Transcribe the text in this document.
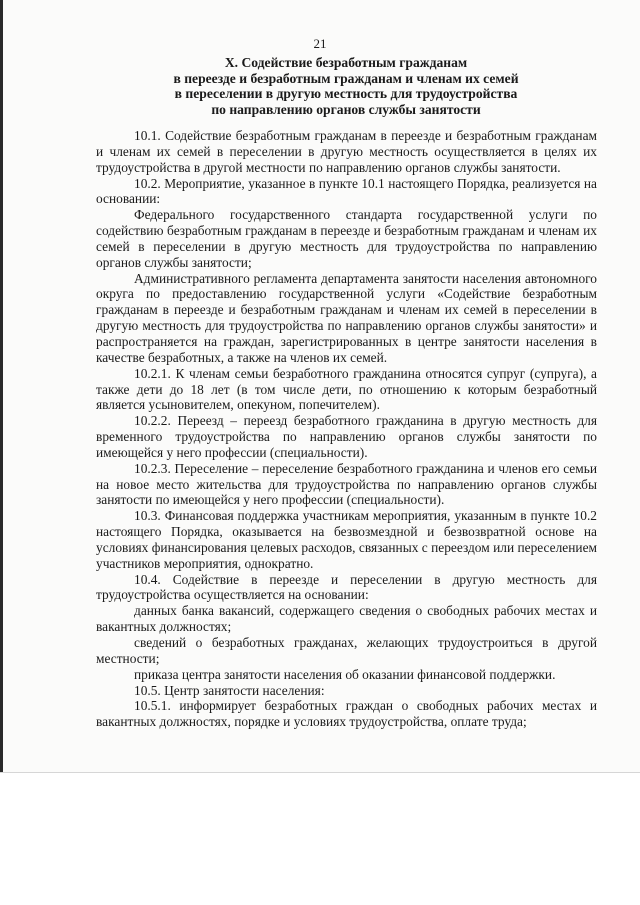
21
X. Содействие безработным гражданам
в переезде и безработным гражданам и членам их семей
в переселении в другую местность для трудоустройства
по направлению органов службы занятости

10.1. Содействие безработным гражданам в переезде и безработным гражданам и членам их семей в переселении в другую местность осуществляется в целях их трудоустройства в другой местности по направлению органов службы занятости.

10.2. Мероприятие, указанное в пункте 10.1 настоящего Порядка, реализуется на основании:

Федерального государственного стандарта государственной услуги по содействию безработным гражданам в переезде и безработным гражданам и членам их семей в переселении в другую местность для трудоустройства по направлению органов службы занятости;

Административного регламента департамента занятости населения автономного округа по предоставлению государственной услуги «Содействие безработным гражданам в переезде и безработным гражданам и членам их семей в переселении в другую местность для трудоустройства по направлению органов службы занятости» и распространяется на граждан, зарегистрированных в центре занятости населения в качестве безработных, а также на членов их семей.

10.2.1. К членам семьи безработного гражданина относятся супруг (супруга), а также дети до 18 лет (в том числе дети, по отношению к которым безработный является усыновителем, опекуном, попечителем).

10.2.2. Переезд – переезд безработного гражданина в другую местность для временного трудоустройства по направлению органов службы занятости по имеющейся у него профессии (специальности).

10.2.3. Переселение – переселение безработного гражданина и членов его семьи на новое место жительства для трудоустройства по направлению органов службы занятости по имеющейся у него профессии (специальности).

10.3. Финансовая поддержка участникам мероприятия, указанным в пункте 10.2 настоящего Порядка, оказывается на безвозмездной и безвозвратной основе на условиях финансирования целевых расходов, связанных с переездом или переселением участников мероприятия, однократно.

10.4. Содействие в переезде и переселении в другую местность для трудоустройства осуществляется на основании:

данных банка вакансий, содержащего сведения о свободных рабочих местах и вакантных должностях;

сведений о безработных гражданах, желающих трудоустроиться в другой местности;

приказа центра занятости населения об оказании финансовой поддержки.

10.5. Центр занятости населения:

10.5.1. информирует безработных граждан о свободных рабочих местах и вакантных должностях, порядке и условиях трудоустройства, оплате труда;
